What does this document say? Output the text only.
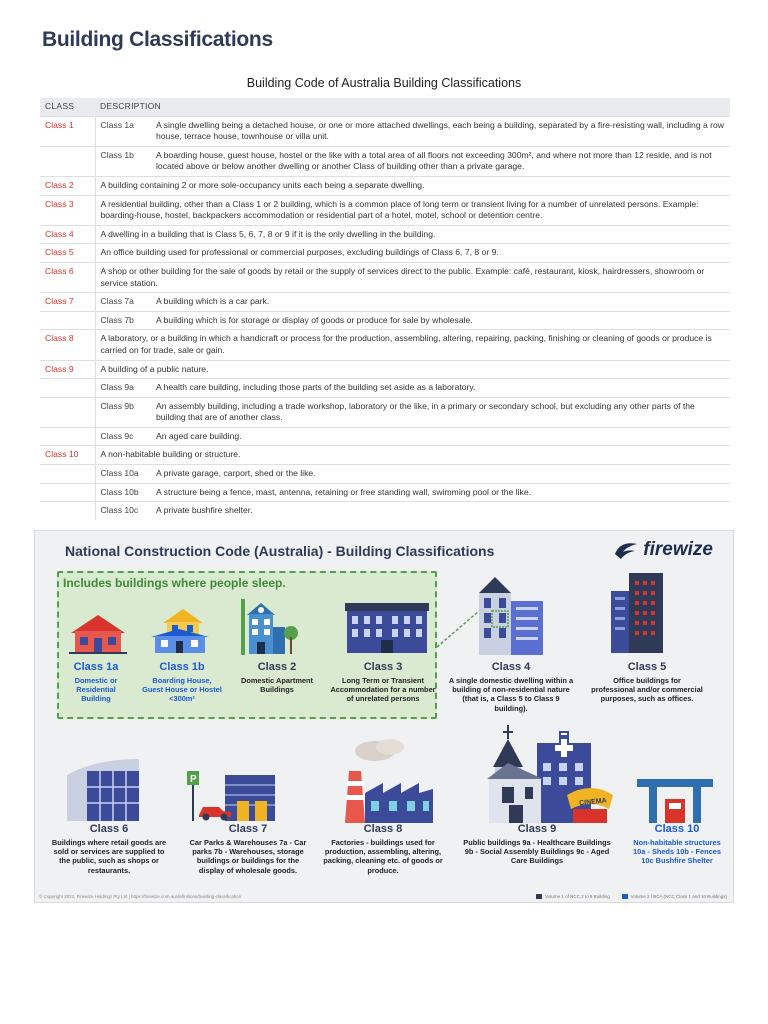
Building Classifications
Building Code of Australia Building Classifications
CLASS	DESCRIPTION	
Class 1	Class 1a	A single dwelling being a detached house, or one or more attached dwellings, each being a building, separated by a fire-resisting wall, including a row house, terrace house, townhouse or villa unit.
	Class 1b	A boarding house, guest house, hostel or the like with a total area of all floors not exceeding 300m², and where not more than 12 reside, and is not located above or below another dwelling or another Class of building other than a private garage.
Class 2	A building containing 2 or more sole-occupancy units each being a separate dwelling.	
Class 3	A residential building, other than a Class 1 or 2 building, which is a common place of long term or transient living for a number of unrelated persons. Example: boarding-house, hostel, backpackers accommodation or residential part of a hotel, motel, school or detention centre.	
Class 4	A dwelling in a building that is Class 5, 6, 7, 8 or 9 if it is the only dwelling in the building.	
Class 5	An office building used for professional or commercial purposes, excluding buildings of Class 6, 7, 8 or 9.	
Class 6	A shop or other building for the sale of goods by retail or the supply of services direct to the public. Example: café, restaurant, kiosk, hairdressers, showroom or service station.	
Class 7	Class 7a	A building which is a car park.
	Class 7b	A building which is for storage or display of goods or produce for sale by wholesale.
Class 8	A laboratory, or a building in which a handicraft or process for the production, assembling, altering, repairing, packing, finishing or cleaning of goods or produce is carried on for trade, sale or gain.	
Class 9	A building of a public nature.	
	Class 9a	A health care building, including those parts of the building set aside as a laboratory.
	Class 9b	An assembly building, including a trade workshop, laboratory or the like, in a primary or secondary school, but excluding any other parts of the building that are of another class.
	Class 9c	An aged care building.
Class 10	A non-habitable building or structure.	
	Class 10a	A private garage, carport, shed or the like.
	Class 10b	A structure being a fence, mast, antenna, retaining or free standing wall, swimming pool or the like.
	Class 10c	A private bushfire shelter.
National Construction Code (Australia) - Building Classifications	firewize
Includes buildings where people sleep.
P
CINEMA
Class 1a
Domestic or Residential Building
Class 1b
Boarding House, Guest House or Hostel <300m²
Class 2
Domestic Apartment Buildings
Class 3
Long Term or Transient Accommodation for a number of unrelated persons
Class 4
A single domestic dwelling within a building of non-residential nature (that is, a Class 5 to Class 9 building).
Class 5
Office buildings for professional and/or commercial purposes, such as offices.
Class 6
Buildings where retail goods are sold or services are supplied to the public, such as shops or restaurants.
Class 7
Car Parks & Warehouses 7a - Car parks 7b - Warehouses, storage buildings or buildings for the display of wholesale goods.
Class 8
Factories - buildings used for production, assembling, altering, packing, cleaning etc. of goods or produce.
Class 9
Public buildings 9a - Healthcare Buildings 9b - Social Assembly Buildings 9c - Aged Care Buildings
Class 10
Non-habitable structures 10a - Sheds 10b - Fences 10c Bushfire Shelter
© Copyright 2022, Firewize Holdings Pty Ltd | https://firewize.com.au/definitions/building-classification	Volume 1 of NCC 2 to 9 Building	Volume 2 / BCA (NCC Class 1 and 10 Buildings)
